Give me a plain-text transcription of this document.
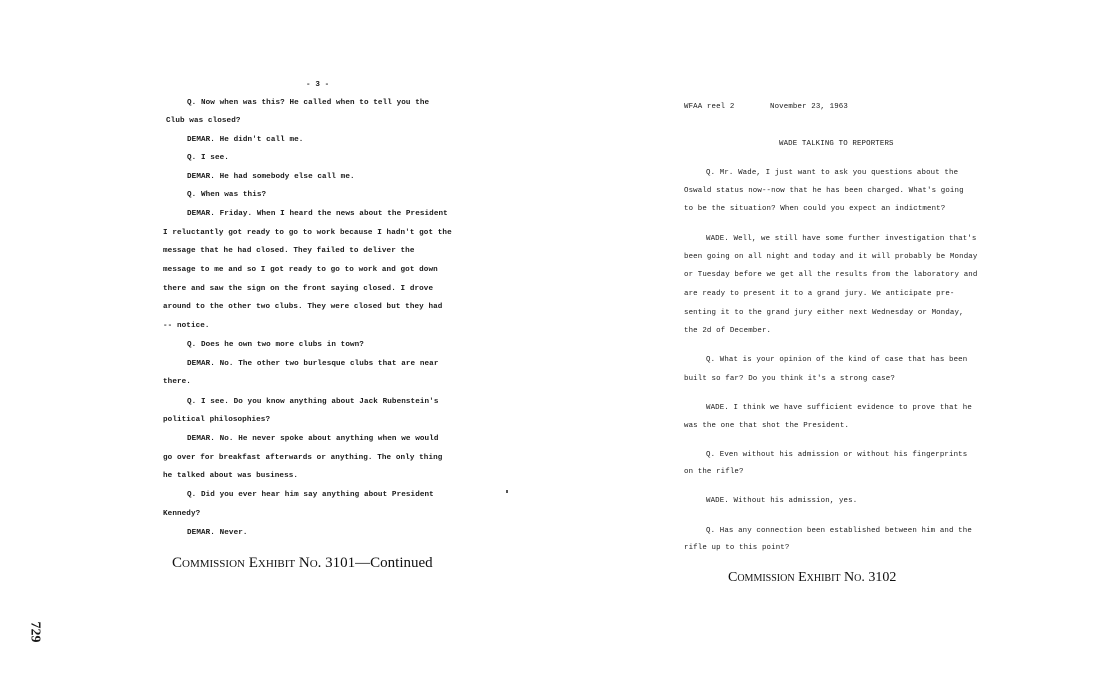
- 3 -
Q. Now when was this? He called when to tell you the
Club was closed?
DEMAR. He didn't call me.
Q. I see.
DEMAR. He had somebody else call me.
Q. When was this?
DEMAR. Friday. When I heard the news about the President
I reluctantly got ready to go to work because I hadn't got the
message that he had closed. They failed to deliver the
message to me and so I got ready to go to work and got down
there and saw the sign on the front saying closed. I drove
around to the other two clubs. They were closed but they had
-- notice.
Q. Does he own two more clubs in town?
DEMAR. No. The other two burlesque clubs that are near
there.
Q. I see. Do you know anything about Jack Rubenstein's
political philosophies?
DEMAR. No. He never spoke about anything when we would
go over for breakfast afterwards or anything. The only thing
he talked about was business.
Q. Did you ever hear him say anything about President
Kennedy?
DEMAR. Never.
Commission Exhibit No. 3101—Continued
WFAA reel 2	November 23, 1963
WADE TALKING TO REPORTERS
Q. Mr. Wade, I just want to ask you questions about the
Oswald status now--now that he has been charged. What's going
to be the situation? When could you expect an indictment?
WADE. Well, we still have some further investigation that's
been going on all night and today and it will probably be Monday
or Tuesday before we get all the results from the laboratory and
are ready to present it to a grand jury. We anticipate pre-
senting it to the grand jury either next Wednesday or Monday,
the 2d of December.
Q. What is your opinion of the kind of case that has been
built so far? Do you think it's a strong case?
WADE. I think we have sufficient evidence to prove that he
was the one that shot the President.
Q. Even without his admission or without his fingerprints
on the rifle?
WADE. Without his admission, yes.
Q. Has any connection been established between him and the
rifle up to this point?
Commission Exhibit No. 3102
729
